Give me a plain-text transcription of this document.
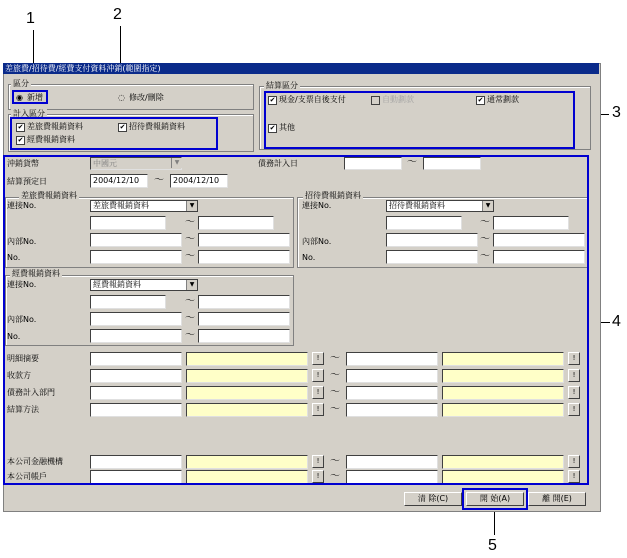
1	2
3
4
5
差旅費/招待費/經費支付資料沖銷(範圍指定)
區分
◉ 新增	◌ 修改/刪除
計入區分
✔ 差旅費報銷資料	✔ 招待費報銷資料
✔ 經費報銷資料
結算區分
✔ 現金/支票自後支付	自動劃款	✔ 通常劃款
✔ 其他
沖銷貨幣	中國元	▼	債務計入日	～
結算預定日	2004/12/10	～	2004/12/10
差旅費報銷資料
連接No.	差旅費報銷資料	▼
～
內部No.	～
No.	～
招待費報銷資料
連接No.	招待費報銷資料	▼
～
內部No.	～
No.	～
經費報銷資料
連接No.	經費報銷資料	▼
～
內部No.	～
No.	～
明細摘要	!	～	!
收款方	!	～	!
債務計入部門	!	～	!
結算方法	!	～	!
本公司金融機構	!	～	!
本公司帳戶	!	～	!
清 除(C)	開 始(A)	離 開(E)
